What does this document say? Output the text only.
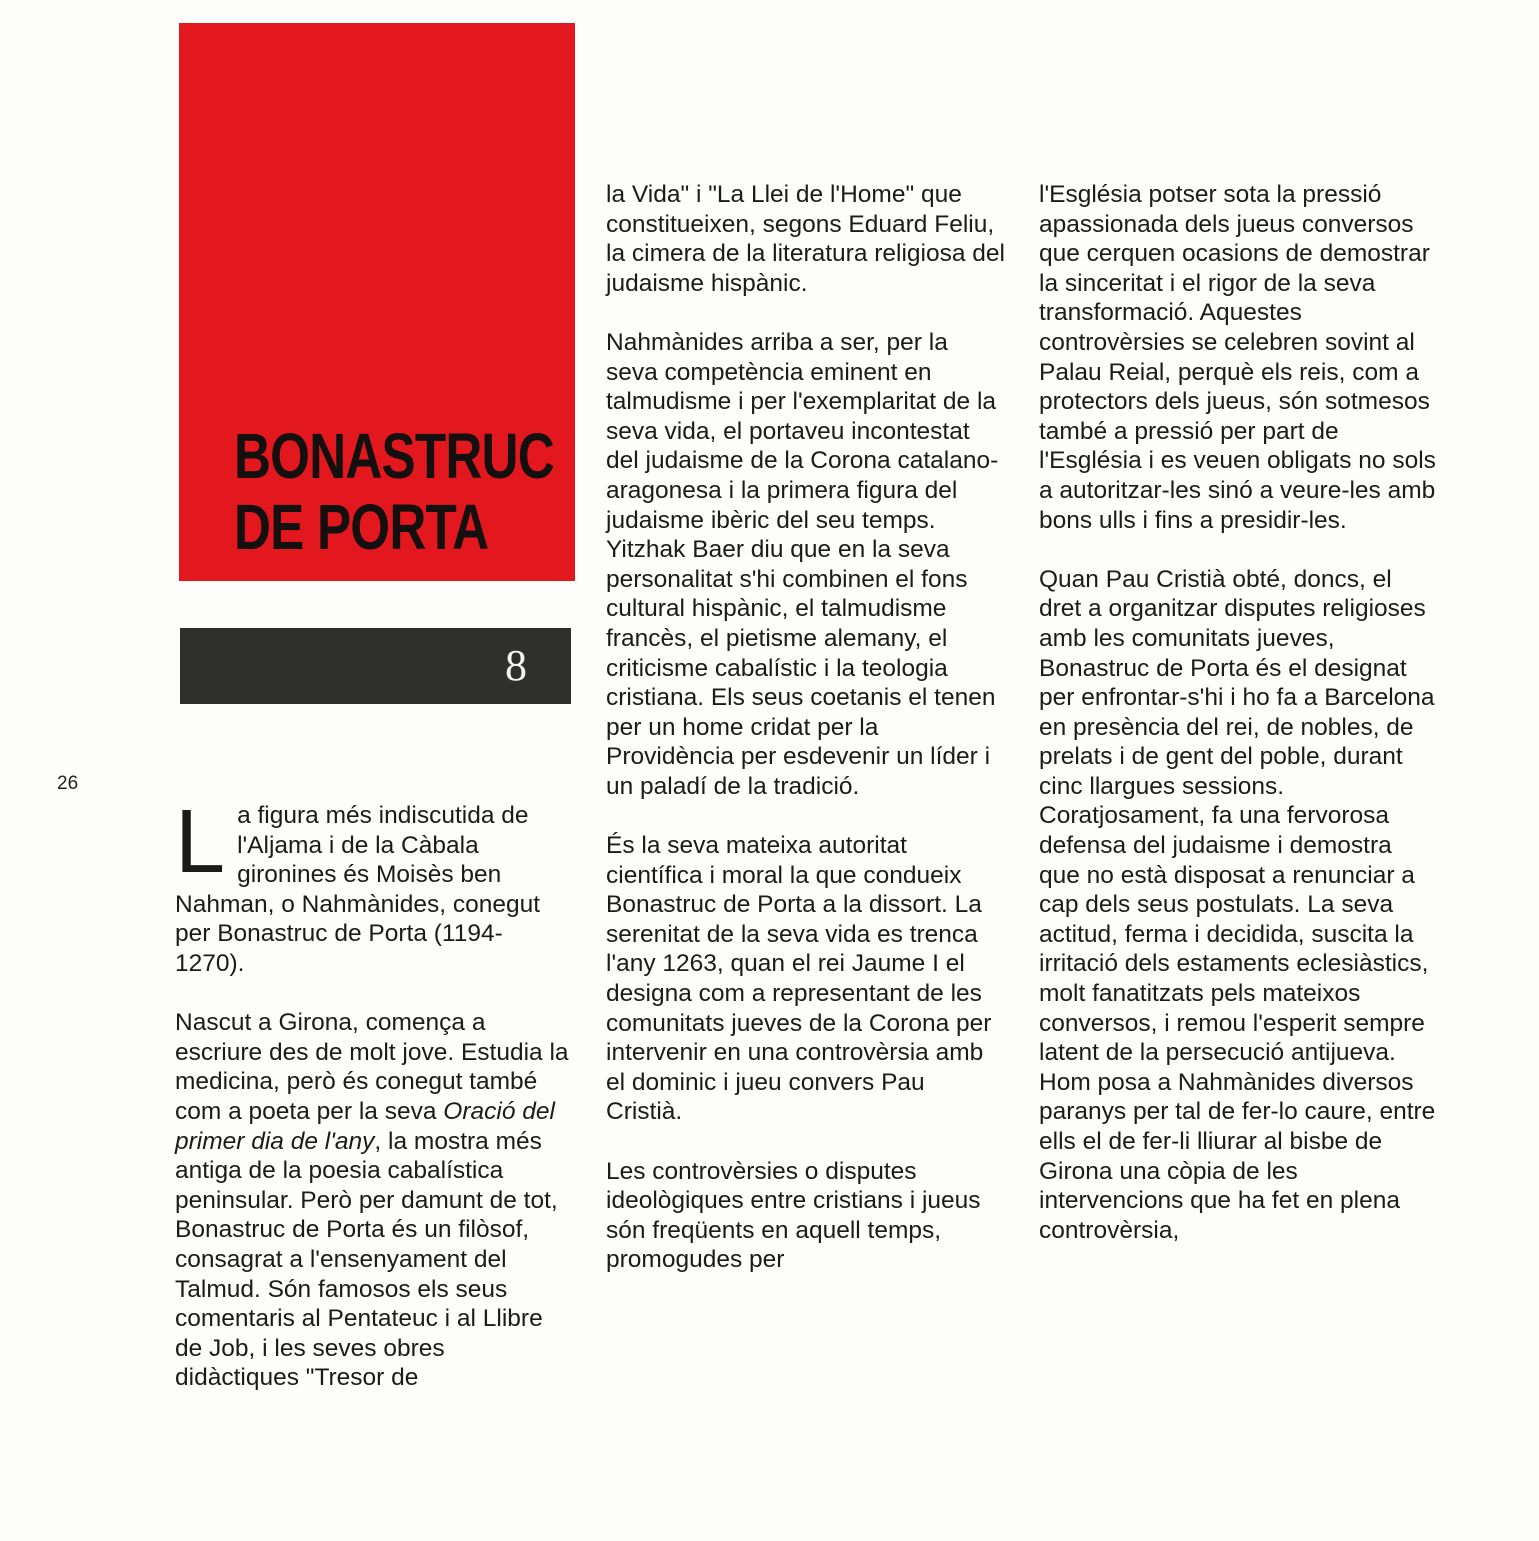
BONASTRUC
DE PORTA
8
26

La figura més indiscutida de l'Aljama i de la Càbala gironines és Moisès ben Nahman, o Nahmànides, conegut per Bonastruc de Porta (1194-1270).

Nascut a Girona, comença a escriure des de molt jove. Estudia la medicina, però és conegut també com a poeta per la seva Oració del primer dia de l'any, la mostra més antiga de la poesia cabalística peninsular. Però per damunt de tot, Bonastruc de Porta és un filòsof, consagrat a l'ensenyament del Talmud. Són famosos els seus comentaris al Pentateuc i al Llibre de Job, i les seves obres didàctiques "Tresor de

la Vida" i "La Llei de l'Home" que constitueixen, segons Eduard Feliu, la cimera de la literatura religiosa del judaisme hispànic.

Nahmànides arriba a ser, per la seva competència eminent en talmudisme i per l'exemplaritat de la seva vida, el portaveu incontestat del judaisme de la Corona catalano-aragonesa i la primera figura del judaisme ibèric del seu temps. Yitzhak Baer diu que en la seva personalitat s'hi combinen el fons cultural hispànic, el talmudisme francès, el pietisme alemany, el criticisme cabalístic i la teologia cristiana. Els seus coetanis el tenen per un home cridat per la Providència per esdevenir un líder i un paladí de la tradició.

És la seva mateixa autoritat científica i moral la que condueix Bonastruc de Porta a la dissort. La serenitat de la seva vida es trenca l'any 1263, quan el rei Jaume I el designa com a representant de les comunitats jueves de la Corona per intervenir en una controvèrsia amb el dominic i jueu convers Pau Cristià.

Les controvèrsies o disputes ideològiques entre cristians i jueus són freqüents en aquell temps, promogudes per

l'Església potser sota la pressió apassionada dels jueus conversos que cerquen ocasions de demostrar la sinceritat i el rigor de la seva transformació. Aquestes controvèrsies se celebren sovint al Palau Reial, perquè els reis, com a protectors dels jueus, són sotmesos també a pressió per part de l'Església i es veuen obligats no sols a autoritzar-les sinó a veure-les amb bons ulls i fins a presidir-les.

Quan Pau Cristià obté, doncs, el dret a organitzar disputes religioses amb les comunitats jueves, Bonastruc de Porta és el designat per enfrontar-s'hi i ho fa a Barcelona en presència del rei, de nobles, de prelats i de gent del poble, durant cinc llargues sessions. Coratjosament, fa una fervorosa defensa del judaisme i demostra que no està disposat a renunciar a cap dels seus postulats. La seva actitud, ferma i decidida, suscita la irritació dels estaments eclesiàstics, molt fanatitzats pels mateixos conversos, i remou l'esperit sempre latent de la persecució antijueva. Hom posa a Nahmànides diversos paranys per tal de fer-lo caure, entre ells el de fer-li lliurar al bisbe de Girona una còpia de les intervencions que ha fet en plena controvèrsia,
